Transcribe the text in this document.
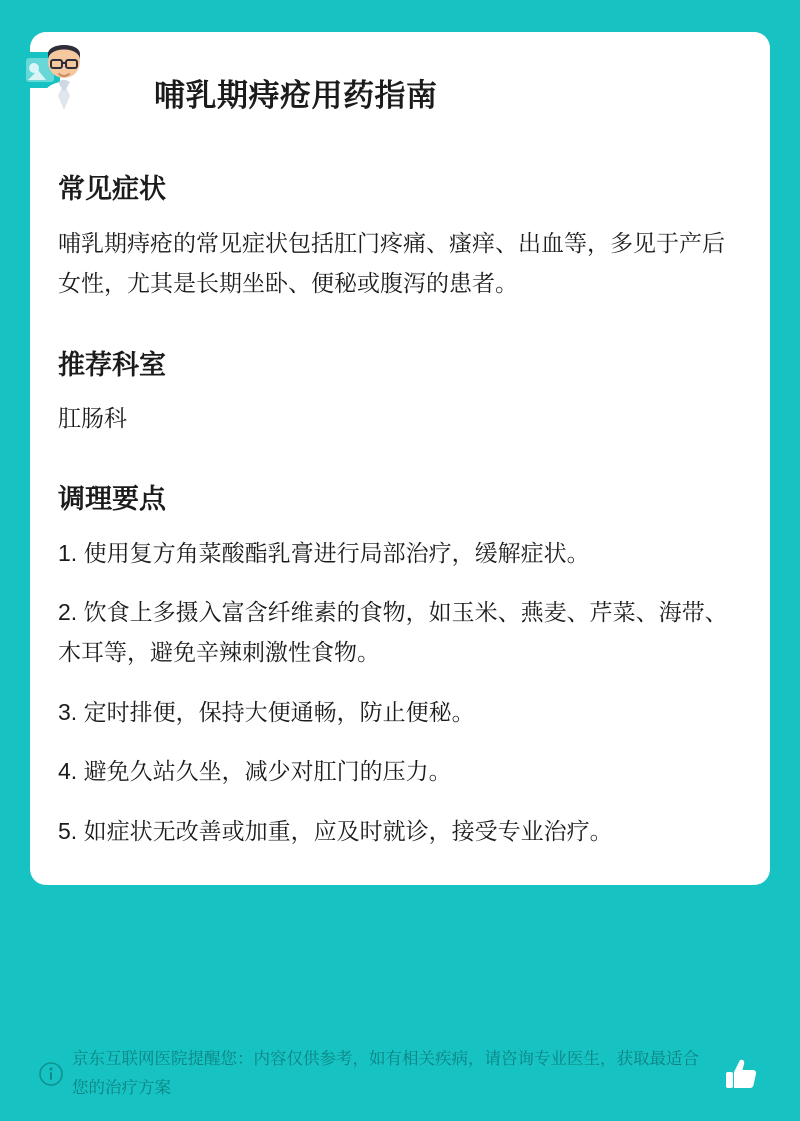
哺乳期痔疮用药指南
常见症状

哺乳期痔疮的常见症状包括肛门疼痛、瘙痒、出血等，多见于产后女性，尤其是长期坐卧、便秘或腹泻的患者。

推荐科室

肛肠科

调理要点
1. 使用复方角菜酸酯乳膏进行局部治疗，缓解症状。
2. 饮食上多摄入富含纤维素的食物，如玉米、燕麦、芹菜、海带、木耳等，避免辛辣刺激性食物。
3. 定时排便，保持大便通畅，防止便秘。
4. 避免久站久坐，减少对肛门的压力。
5. 如症状无改善或加重，应及时就诊，接受专业治疗。
京东互联网医院提醒您：内容仅供参考，如有相关疾病，请咨询专业医生，获取最适合您的治疗方案
